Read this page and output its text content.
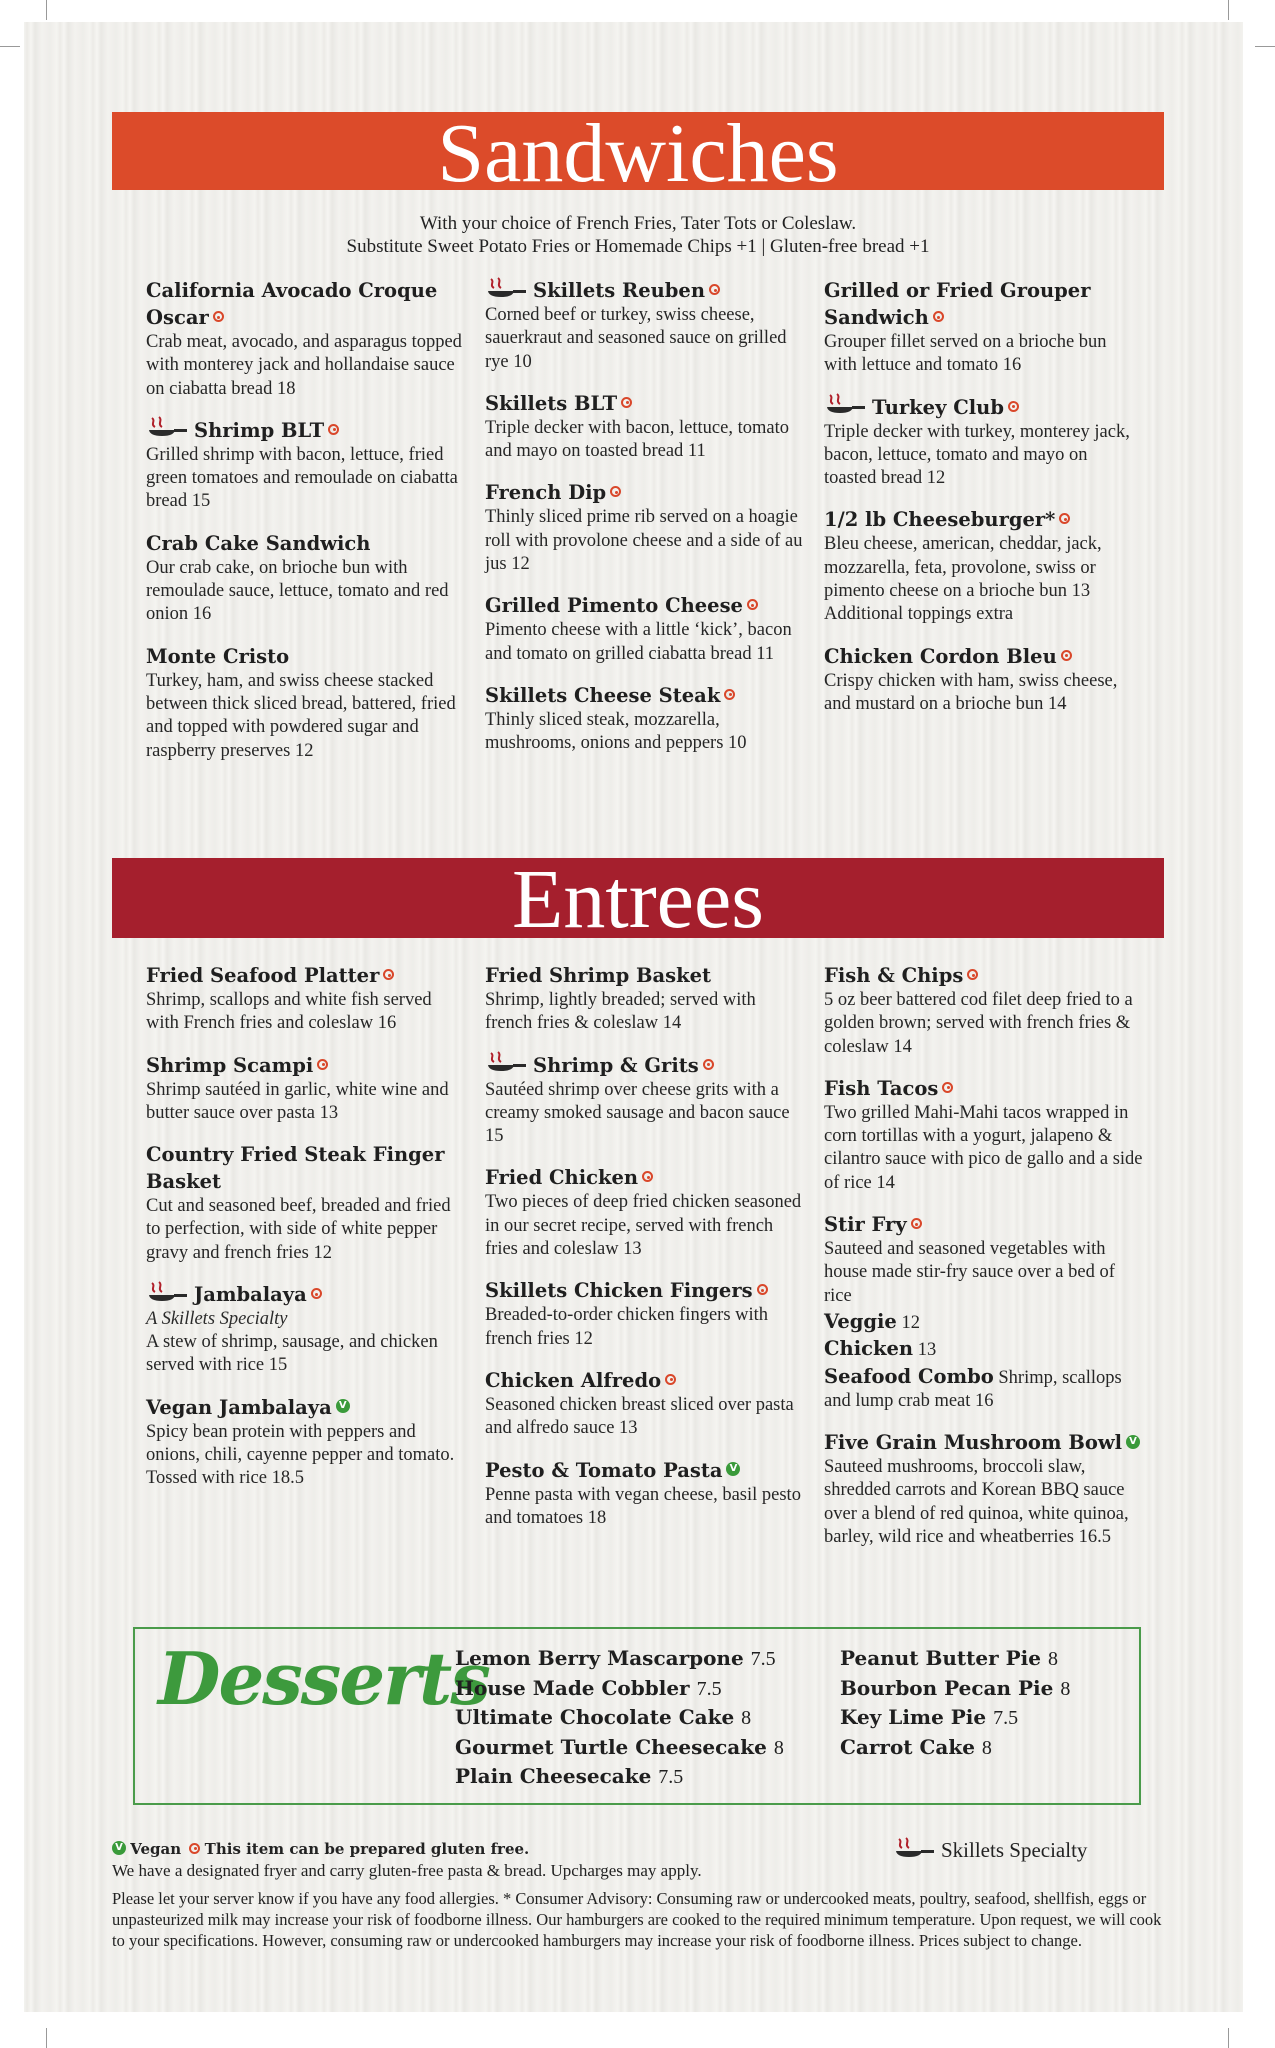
Sandwiches
With your choice of French Fries, Tater Tots or Coleslaw.
Substitute Sweet Potato Fries or Homemade Chips +1 | Gluten-free bread +1
California Avocado Croque Oscar
Crab meat, avocado, and asparagus topped with monterey jack and hollandaise sauce on ciabatta bread 18
Shrimp BLT
Grilled shrimp with bacon, lettuce, fried green tomatoes and remoulade on ciabatta bread 15
Crab Cake Sandwich
Our crab cake, on brioche bun with remoulade sauce, lettuce, tomato and red onion 16
Monte Cristo
Turkey, ham, and swiss cheese stacked between thick sliced bread, battered, fried and topped with powdered sugar and raspberry preserves 12
Skillets Reuben
Corned beef or turkey, swiss cheese, sauerkraut and seasoned sauce on grilled rye 10
Skillets BLT
Triple decker with bacon, lettuce, tomato and mayo on toasted bread 11
French Dip
Thinly sliced prime rib served on a hoagie roll with provolone cheese and a side of au jus 12
Grilled Pimento Cheese
Pimento cheese with a little ‘kick’, bacon and tomato on grilled ciabatta bread 11
Skillets Cheese Steak
Thinly sliced steak, mozzarella, mushrooms, onions and peppers 10
Grilled or Fried Grouper Sandwich
Grouper fillet served on a brioche bun with lettuce and tomato 16
Turkey Club
Triple decker with turkey, monterey jack, bacon, lettuce, tomato and mayo on toasted bread 12
1/2 lb Cheeseburger*
Bleu cheese, american, cheddar, jack, mozzarella, feta, provolone, swiss or pimento cheese on a brioche bun 13
Additional toppings extra
Chicken Cordon Bleu
Crispy chicken with ham, swiss cheese, and mustard on a brioche bun 14
Entrees
Fried Seafood Platter
Shrimp, scallops and white fish served with French fries and coleslaw 16
Shrimp Scampi
Shrimp sautéed in garlic, white wine and butter sauce over pasta 13
Country Fried Steak Finger Basket
Cut and seasoned beef, breaded and fried to perfection, with side of white pepper gravy and french fries 12
Jambalaya
A Skillets Specialty
A stew of shrimp, sausage, and chicken served with rice 15
Vegan Jambalaya V
Spicy bean protein with peppers and onions, chili, cayenne pepper and tomato. Tossed with rice 18.5
Fried Shrimp Basket
Shrimp, lightly breaded; served with french fries & coleslaw 14
Shrimp & Grits
Sautéed shrimp over cheese grits with a creamy smoked sausage and bacon sauce 15
Fried Chicken
Two pieces of deep fried chicken seasoned in our secret recipe, served with french fries and coleslaw 13
Skillets Chicken Fingers
Breaded-to-order chicken fingers with french fries 12
Chicken Alfredo
Seasoned chicken breast sliced over pasta and alfredo sauce 13
Pesto & Tomato Pasta V
Penne pasta with vegan cheese, basil pesto and tomatoes 18
Fish & Chips
5 oz beer battered cod filet deep fried to a golden brown; served with french fries & coleslaw 14
Fish Tacos
Two grilled Mahi-Mahi tacos wrapped in corn tortillas with a yogurt, jalapeno & cilantro sauce with pico de gallo and a side of rice 14
Stir Fry
Sauteed and seasoned vegetables with house made stir-fry sauce over a bed of rice
Veggie 12
Chicken 13
Seafood Combo Shrimp, scallops and lump crab meat 16
Five Grain Mushroom Bowl V
Sauteed mushrooms, broccoli slaw, shredded carrots and Korean BBQ sauce over a blend of red quinoa, white quinoa, barley, wild rice and wheatberries 16.5
Desserts
Lemon Berry Mascarpone 7.5
House Made Cobbler 7.5
Ultimate Chocolate Cake 8
Gourmet Turtle Cheesecake 8
Plain Cheesecake 7.5
Peanut Butter Pie 8
Bourbon Pecan Pie 8
Key Lime Pie 7.5
Carrot Cake 8
V Vegan This item can be prepared gluten free.
We have a designated fryer and carry gluten-free pasta & bread. Upcharges may apply.
Skillets Specialty
Please let your server know if you have any food allergies. * Consumer Advisory: Consuming raw or undercooked meats, poultry, seafood, shellfish, eggs or unpasteurized milk may increase your risk of foodborne illness. Our hamburgers are cooked to the required minimum temperature. Upon request, we will cook to your specifications. However, consuming raw or undercooked hamburgers may increase your risk of foodborne illness. Prices subject to change.
